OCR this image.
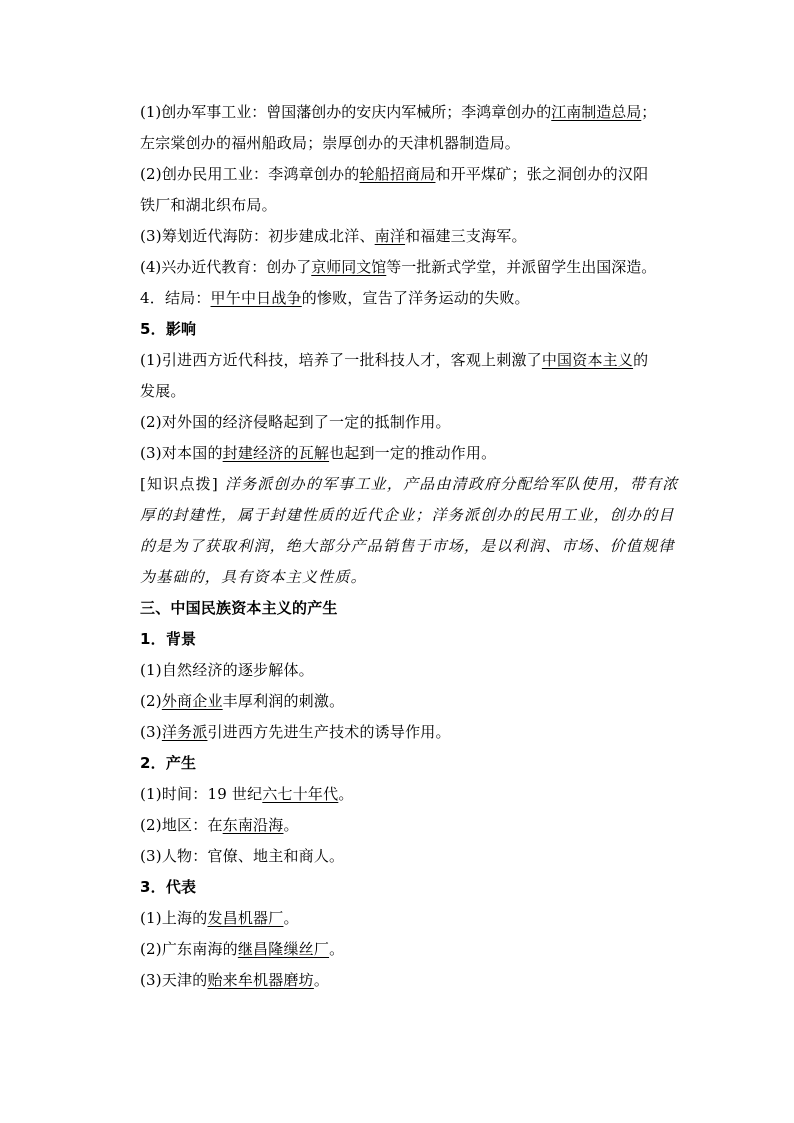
(1)创办军事工业：曾国藩创办的安庆内军械所；李鸿章创办的江南制造总局；
左宗棠创办的福州船政局；崇厚创办的天津机器制造局。
(2)创办民用工业：李鸿章创办的轮船招商局和开平煤矿；张之洞创办的汉阳
铁厂和湖北织布局。
(3)筹划近代海防：初步建成北洋、南洋和福建三支海军。
(4)兴办近代教育：创办了京师同文馆等一批新式学堂，并派留学生出国深造。
4．结局：甲午中日战争的惨败，宣告了洋务运动的失败。
5．影响
(1)引进西方近代科技，培养了一批科技人才，客观上刺激了中国资本主义的
发展。
(2)对外国的经济侵略起到了一定的抵制作用。
(3)对本国的封建经济的瓦解也起到一定的推动作用。
[知识点拨] 洋务派创办的军事工业，产品由清政府分配给军队使用，带有浓
厚的封建性，属于封建性质的近代企业；洋务派创办的民用工业，创办的目
的是为了获取利润，绝大部分产品销售于市场，是以利润、市场、价值规律
为基础的，具有资本主义性质。
三、中国民族资本主义的产生
1．背景
(1)自然经济的逐步解体。
(2)外商企业丰厚利润的刺激。
(3)洋务派引进西方先进生产技术的诱导作用。
2．产生
(1)时间：19 世纪六七十年代。
(2)地区：在东南沿海。
(3)人物：官僚、地主和商人。
3．代表
(1)上海的发昌机器厂。
(2)广东南海的继昌隆缫丝厂。
(3)天津的贻来牟机器磨坊。
